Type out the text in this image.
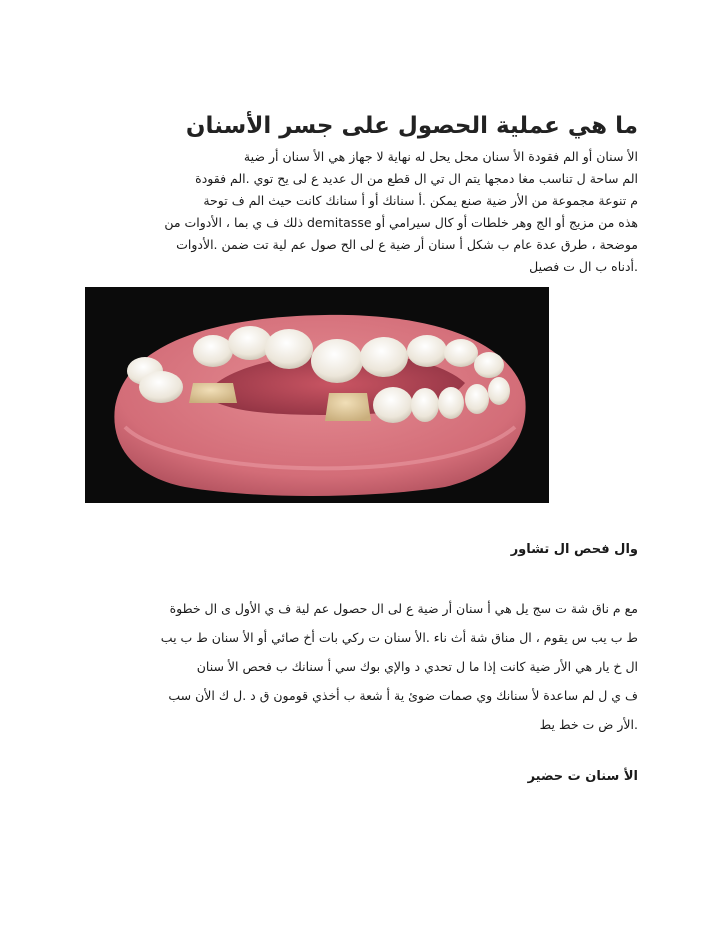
ما هي عملية الحصول على جسر الأسنان
الأ سنان أو الم فقودة الأ سنان محل يحل له نهاية لا جهاز هي الأ سنان أر ضية
الم ساحة ل تناسب مغا دمجها يتم ال تي ال قطع من ال عديد ع لى يح توي .الم فقودة
م تنوعة مجموعة من الأر ضية صنع يمكن .أ سنانك أو أ سنانك كانت حيث الم ف توحة
هذه من مزيج أو الج وهر خلطات أو كال سيرامي أو demitasse ذلك ف ي بما ، الأدوات من
موضحة ، طرق عدة عام ب شكل أ سنان أر ضية ع لى الح صول عم لية تت ضمن .الأدوات
.أدناه ب ال ت فصيل
وال فحص ال تشاور
مع م ناق شة ت سج يل هي أ سنان أر ضية ع لى ال حصول عم لية ف ي الأول ى ال خطوة
ط ب يب س يقوم ، ال مناق شة أث ناء .الأ سنان ت ركي بات أخ صائي أو الأ سنان ط ب يب
ال خ يار هي الأر ضية كانت إذا ما ل تحدي د والإي بوك سي أ سنانك ب فحص الأ سنان
ف ي ل لم ساعدة لأ سنانك وي صمات ضوئ ية أ شعة ب أخذي قومون ق د .ل ك الأن سب
.الأر ض ت خط يط
الأ سنان ت حضير
